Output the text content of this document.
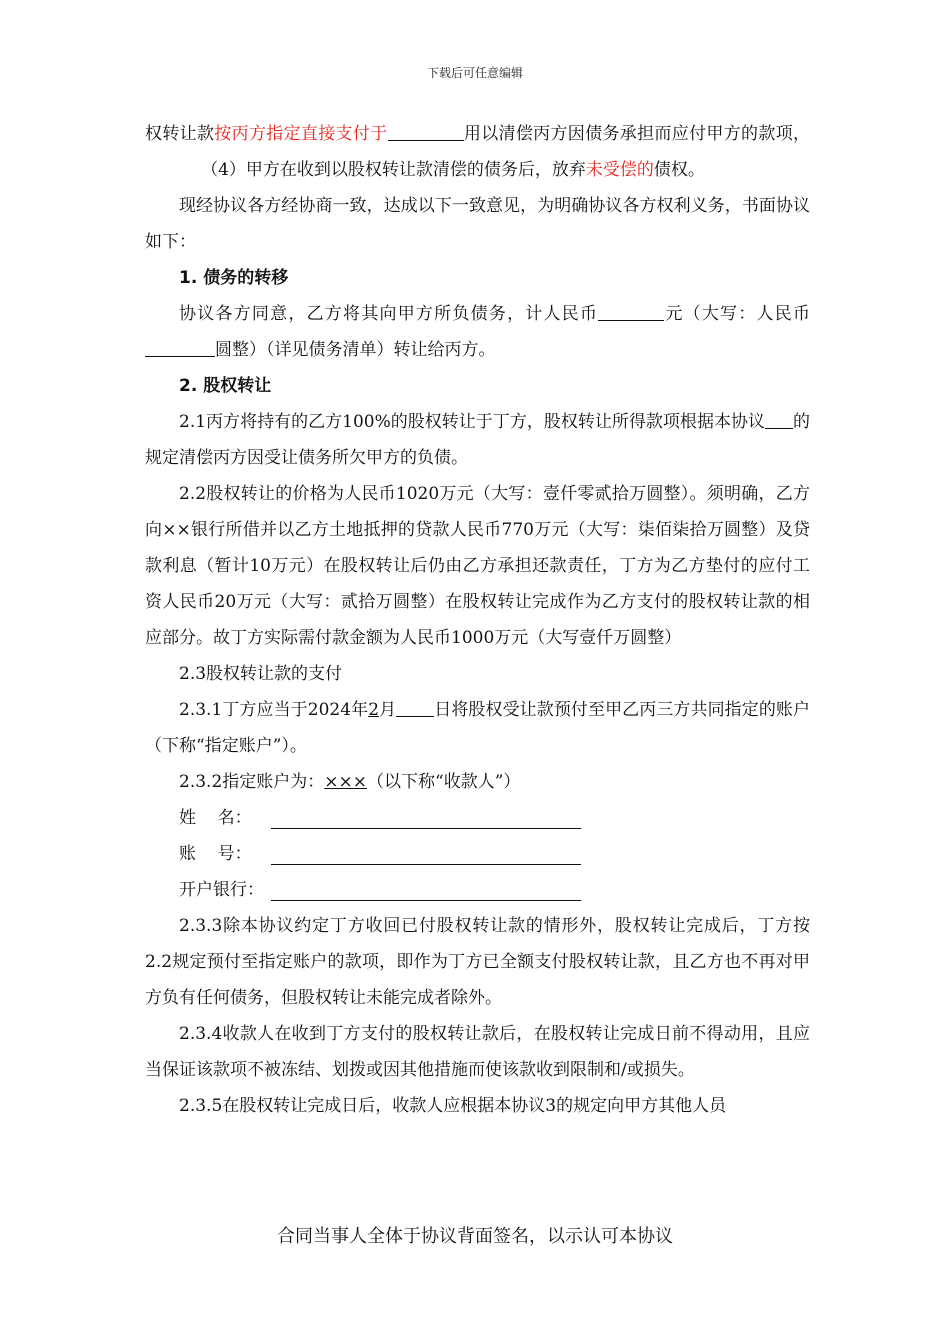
下载后可任意编辑

权转让款按丙方指定直接支付于	用以清偿丙方因债务承担而应付甲方的款项，（4）甲方在收到以股权转让款清偿的债务后，放弃未受偿的债权。

现经协议各方经协商一致，达成以下一致意见，为明确协议各方权利义务，书面协议如下：

1. 债务的转移

协议各方同意，乙方将其向甲方所负债务，计人民币	元（大写：人民币圆整）（详见债务清单）转让给丙方。

2. 股权转让

2.1丙方将持有的乙方100%的股权转让于丁方，股权转让所得款项根据本协议 的规定清偿丙方因受让债务所欠甲方的负债。

2.2股权转让的价格为人民币1020万元（大写：壹仟零贰拾万圆整）。须明确，乙方向××银行所借并以乙方土地抵押的贷款人民币770万元（大写：柒佰柒拾万圆整）及贷款利息（暂计10万元）在股权转让后仍由乙方承担还款责任，丁方为乙方垫付的应付工资人民币20万元（大写：贰拾万圆整）在股权转让完成作为乙方支付的股权转让款的相应部分。故丁方实际需付款金额为人民币1000万元（大写壹仟万圆整）

2.3股权转让款的支付

2.3.1丁方应当于2024年2月 日将股权受让款预付至甲乙丙三方共同指定的账户（下称“指定账户”）。

2.3.2指定账户为：×××（以下称“收款人”）

姓    名：
账    号：
开户银行：

2.3.3除本协议约定丁方收回已付股权转让款的情形外，股权转让完成后，丁方按2.2规定预付至指定账户的款项，即作为丁方已全额支付股权转让款，且乙方也不再对甲方负有任何债务，但股权转让未能完成者除外。

2.3.4收款人在收到丁方支付的股权转让款后，在股权转让完成日前不得动用，且应当保证该款项不被冻结、划拨或因其他措施而使该款收到限制和/或损失。

2.3.5在股权转让完成日后，收款人应根据本协议3的规定向甲方其他人员

合同当事人全体于协议背面签名，以示认可本协议
